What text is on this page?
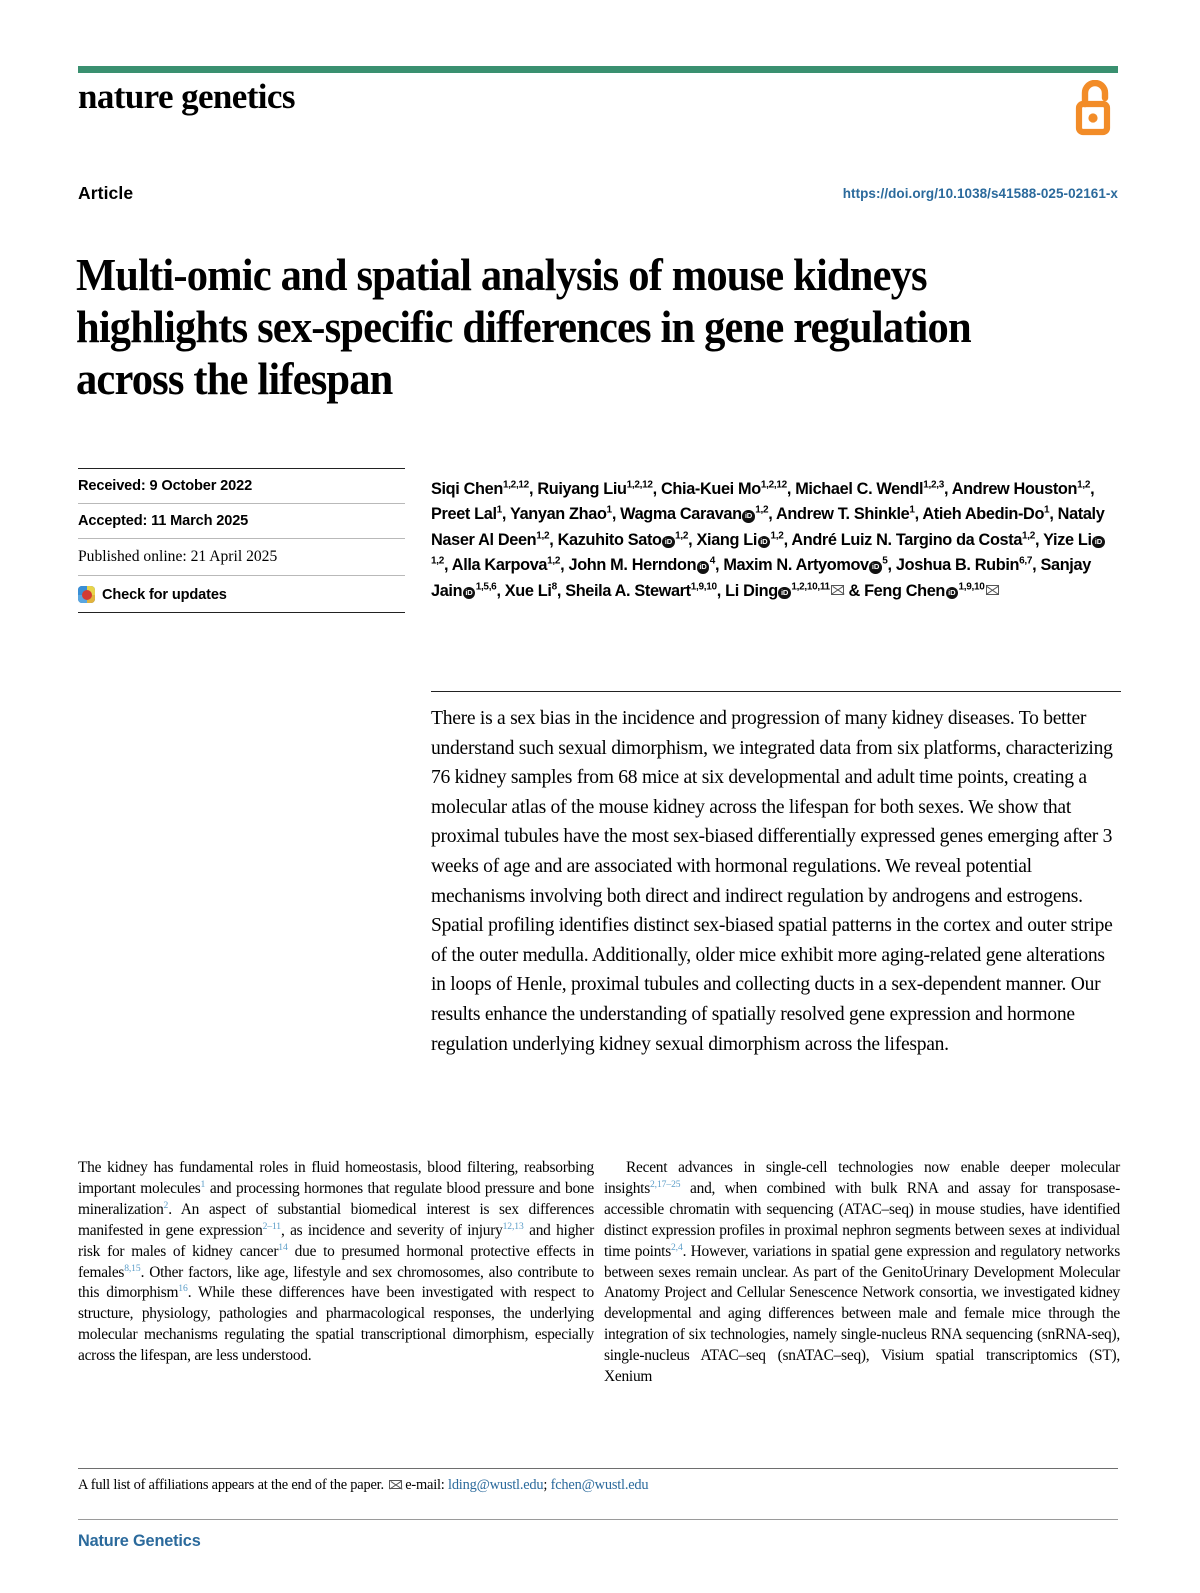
nature genetics
Article	https://doi.org/10.1038/s41588-025-02161-x
Multi-omic and spatial analysis of mouse kidneys highlights sex-specific differences in gene regulation across the lifespan
Received: 9 October 2022
Accepted: 11 March 2025
Published online: 21 April 2025
Check for updates
Siqi Chen$^{1,2,12}$, Ruiyang Liu$^{1,2,12}$, Chia-Kuei Mo$^{1,2,12}$, Michael C. Wendl$^{1,2,3}$, Andrew Houston$^{1,2}$, Preet Lal$^1$, Yanyan Zhao$^1$, Wagma Caravan iD $^{1,2}$, Andrew T. Shinkle$^1$, Atieh Abedin-Do$^1$, Nataly Naser Al Deen$^{1,2}$, Kazuhito Sato iD $^{1,2}$, Xiang Li iD $^{1,2}$, André Luiz N. Targino da Costa$^{1,2}$, Yize Li iD$^{1,2}$, Alla Karpova$^{1,2}$, John M. Herndon iD $^4$, Maxim N. Artyomov iD $^5$, Joshua B. Rubin$^{6,7}$, Sanjay Jain iD $^{1,5,6}$, Xue Li$^8$, Sheila A. Stewart$^{1,9,10}$, Li Ding iD $^{1,2,10,11}$ & Feng Chen iD $^{1,9,10}$
There is a sex bias in the incidence and progression of many kidney diseases. To better understand such sexual dimorphism, we integrated data from six platforms, characterizing 76 kidney samples from 68 mice at six developmental and adult time points, creating a molecular atlas of the mouse kidney across the lifespan for both sexes. We show that proximal tubules have the most sex-biased differentially expressed genes emerging after 3 weeks of age and are associated with hormonal regulations. We reveal potential mechanisms involving both direct and indirect regulation by androgens and estrogens. Spatial profiling identifies distinct sex-biased spatial patterns in the cortex and outer stripe of the outer medulla. Additionally, older mice exhibit more aging-related gene alterations in loops of Henle, proximal tubules and collecting ducts in a sex-dependent manner. Our results enhance the understanding of spatially resolved gene expression and hormone regulation underlying kidney sexual dimorphism across the lifespan.

The kidney has fundamental roles in fluid homeostasis, blood filtering, reabsorbing important molecules$^1$ and processing hormones that regulate blood pressure and bone mineralization$^2$. An aspect of substantial biomedical interest is sex differences manifested in gene expression$^{2-11}$, as incidence and severity of injury$^{12,13}$ and higher risk for males of kidney cancer$^{14}$ due to presumed hormonal protective effects in females$^{8,15}$. Other factors, like age, lifestyle and sex chromosomes, also contribute to this dimorphism$^{16}$. While these differences have been investigated with respect to structure, physiology, pathologies and pharmacological responses, the underlying molecular mechanisms regulating the spatial transcriptional dimorphism, especially across the lifespan, are less understood.

Recent advances in single-cell technologies now enable deeper molecular insights$^{2,17-25}$ and, when combined with bulk RNA and assay for transposase-accessible chromatin with sequencing (ATAC–seq) in mouse studies, have identified distinct expression profiles in proximal nephron segments between sexes at individual time points$^{2,4}$. However, variations in spatial gene expression and regulatory networks between sexes remain unclear. As part of the GenitoUrinary Development Molecular Anatomy Project and Cellular Senescence Network consortia, we investigated kidney developmental and aging differences between male and female mice through the integration of six technologies, namely single-nucleus RNA sequencing (snRNA-seq), single-nucleus ATAC–seq (snATAC–seq), Visium spatial transcriptomics (ST), Xenium

A full list of affiliations appears at the end of the paper. e-mail: lding@wustl.edu; fchen@wustl.edu
Nature Genetics
